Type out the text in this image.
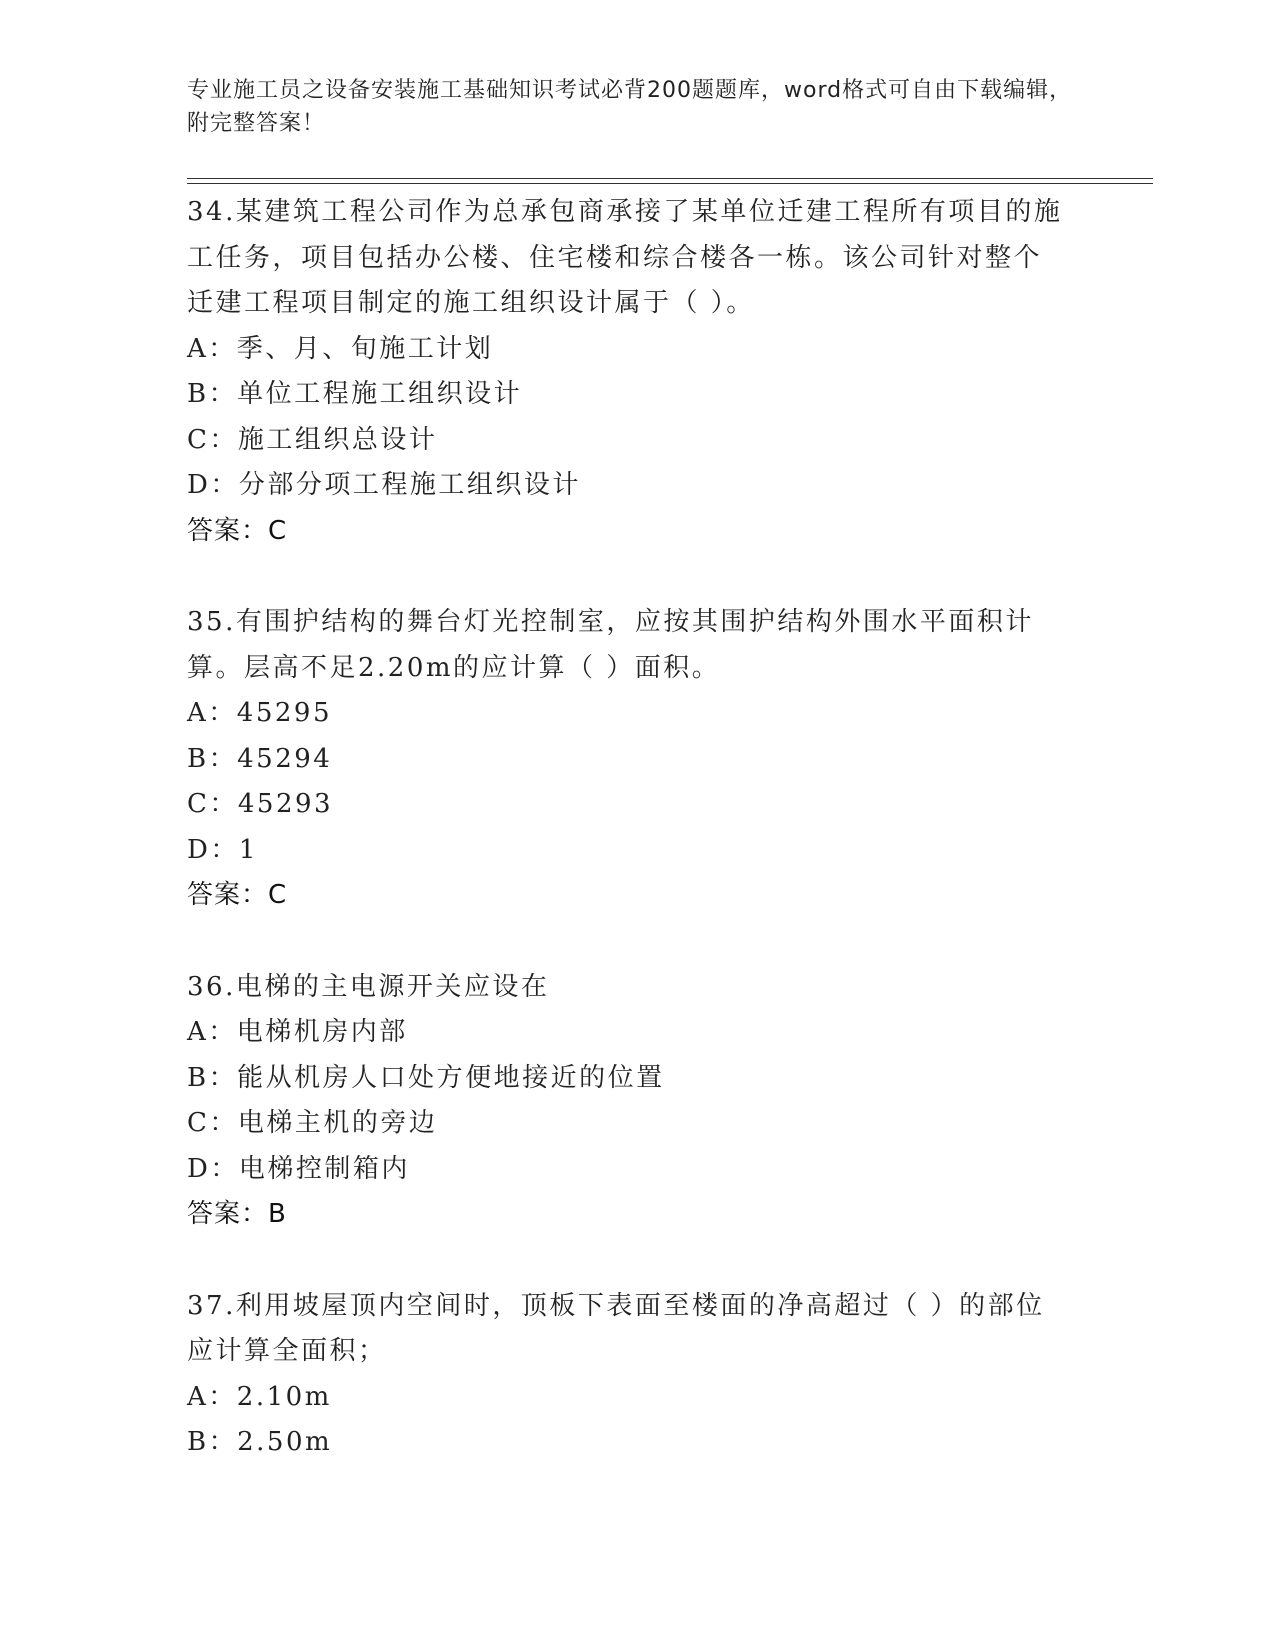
专业施工员之设备安装施工基础知识考试必背200题题库，word格式可自由下载编辑，附完整答案！

34.某建筑工程公司作为总承包商承接了某单位迁建工程所有项目的施工任务，项目包括办公楼、住宅楼和综合楼各一栋。该公司针对整个迁建工程项目制定的施工组织设计属于（ ）。

A：季、月、旬施工计划

B：单位工程施工组织设计

C：施工组织总设计

D：分部分项工程施工组织设计

答案：C

35.有围护结构的舞台灯光控制室，应按其围护结构外围水平面积计算。层高不足2.20m的应计算（ ）面积。

A：45295

B：45294

C：45293

D：1

答案：C

36.电梯的主电源开关应设在

A：电梯机房内部

B：能从机房人口处方便地接近的位置

C：电梯主机的旁边

D：电梯控制箱内

答案：B

37.利用坡屋顶内空间时，顶板下表面至楼面的净高超过（ ）的部位应计算全面积；

A：2.10m

B：2.50m
